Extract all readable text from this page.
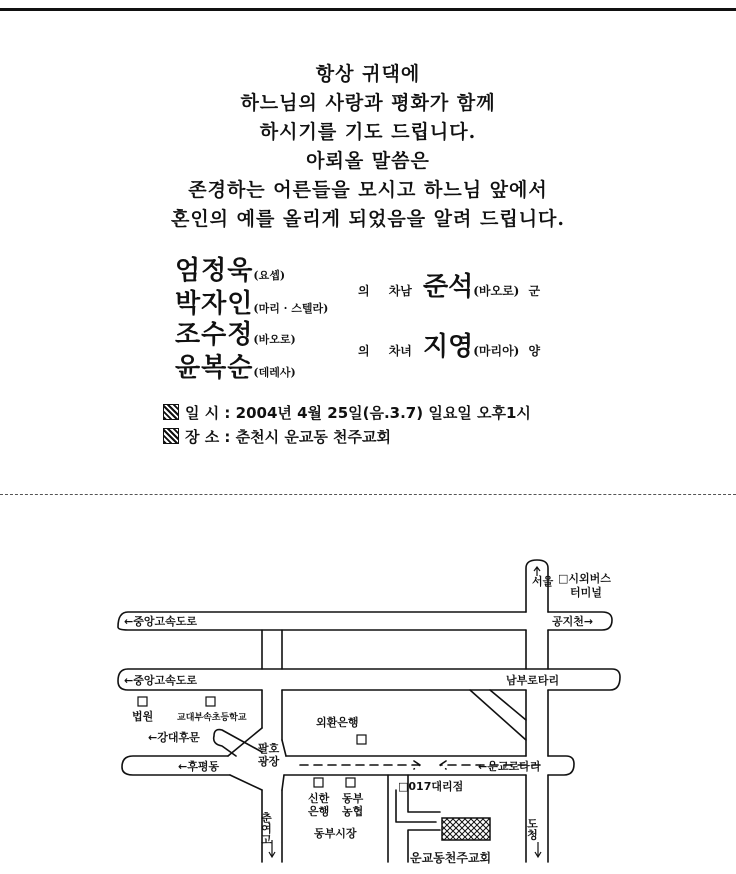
항상 귀댁에
하느님의 사랑과 평화가 함께
하시기를 기도 드립니다.
아뢰올 말씀은
존경하는 어른들을 모시고 하느님 앞에서
혼인의 예를 올리게 되었음을 알려 드립니다.
엄정욱(요셉)
박자인(마리 · 스텔라)
의 차남 준석(바오로) 군
조수정(바오로)
윤복순(데레사)
의 차녀 지영(마리아) 양
일 시 : 2004년 4월 25일(음.3.7) 일요일 오후1시
장 소 : 춘천시 운교동 천주교회
서울 □시외버스
터미널
공지천→
←중앙고속도로
←중앙고속도로	남부로타리
법원	교대부속초등학교
←강대후문
외환은행
←후평동
팔호
광장	←운교로타리
□017대리점
신한
은행
동부
농협
동부시장
춘여고	도청
운교동천주교회
